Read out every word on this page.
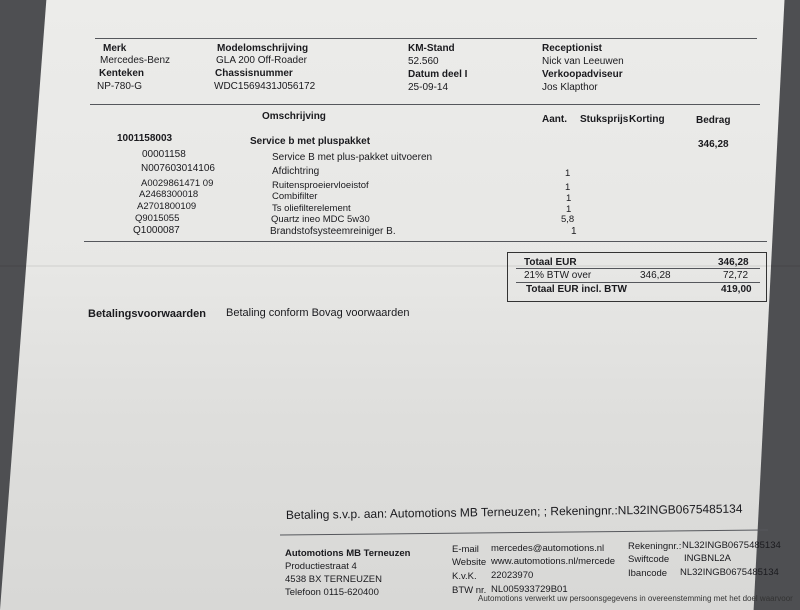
Merk
Mercedes-Benz
Kenteken
NP-780-G
Modelomschrijving
GLA 200 Off-Roader
Chassisnummer
WDC1569431J056172
KM-Stand
52.560
Datum deel I
25-09-14
Receptionist
Nick van Leeuwen
Verkoopadviseur
Jos Klapthor
Omschrijving	Aant. Stuksprijs Korting	Bedrag
1001158003	Service b met pluspakket	346,28
00001158	Service B met plus-pakket uitvoeren
N007603014106	Afdichtring	1
A0029861471 09	Ruitensproeiervloeistof	1
A2468300018	Combifilter	1
A2701800109	Ts oliefilterelement	1
Q9015055	Quartz ineo MDC 5w30	5,8
Q1000087	Brandstofsysteemreiniger B.	1
Totaal EUR	346,28
21% BTW over	346,28	72,72
Totaal EUR incl. BTW	419,00
Betalingsvoorwaarden Betaling conform Bovag voorwaarden
Betaling s.v.p. aan: Automotions MB Terneuzen; ; Rekeningnr.:NL32INGB0675485134
Automotions MB Terneuzen
Productiestraat 4
4538 BX TERNEUZEN
Telefoon 0115-620400
E-mail mercedes@automotions.nl
Website www.automotions.nl/mercede
K.v.K. 22023970
BTW nr. NL005933729B01
Rekeningnr.: NL32INGB0675485134
Swiftcode INGBNL2A
Ibancode NL32INGB0675485134
Automotions verwerkt uw persoonsgegevens in overeenstemming met het doel waarvoor
